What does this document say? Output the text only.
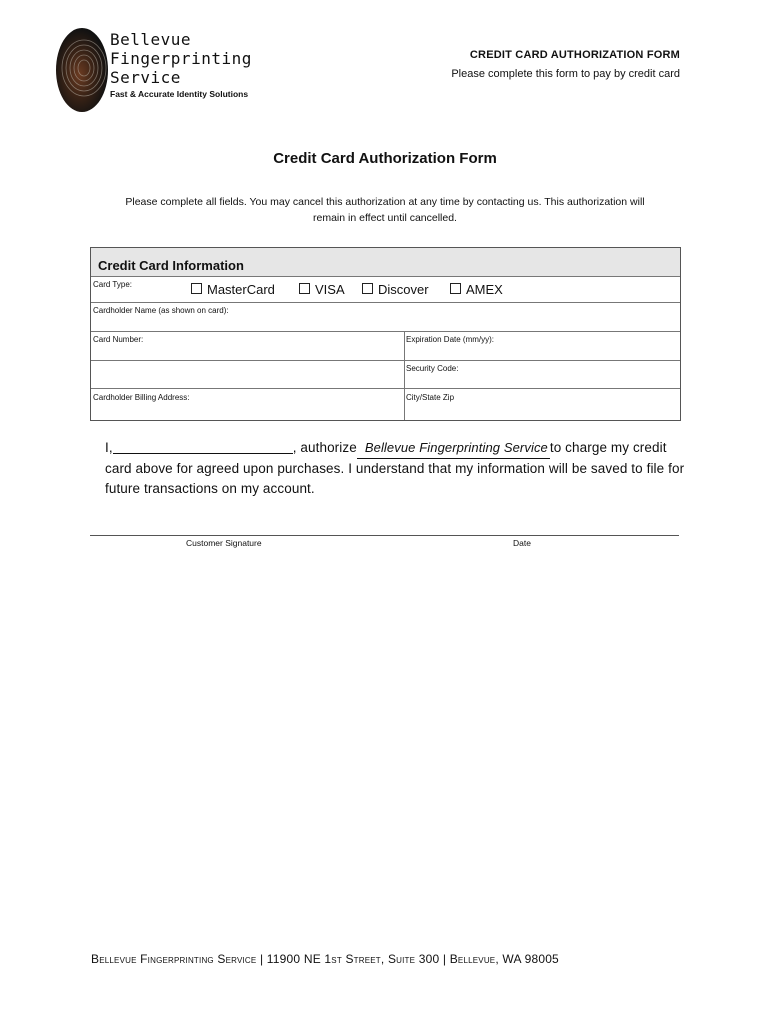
Bellevue
Fingerprinting
Service
Fast & Accurate Identity Solutions
CREDIT CARD AUTHORIZATION FORM
Please complete this form to pay by credit card
Credit Card Authorization Form
Please complete all fields. You may cancel this authorization at any time by contacting us. This authorization will remain in effect until cancelled.
Credit Card Information
Card Type:	MasterCard	VISA	Discover	AMEX
Cardholder Name (as shown on card):
Card Number:	Expiration Date (mm/yy):
Security Code:
Cardholder Billing Address:	City/State Zip
I,	, authorize Bellevue Fingerprinting Service to charge my credit card above for agreed upon purchases. I understand that my information will be saved to file for future transactions on my account.
Customer Signature	Date
Bellevue Fingerprinting Service | 11900 NE 1st Street, Suite 300 | Bellevue, WA 98005
